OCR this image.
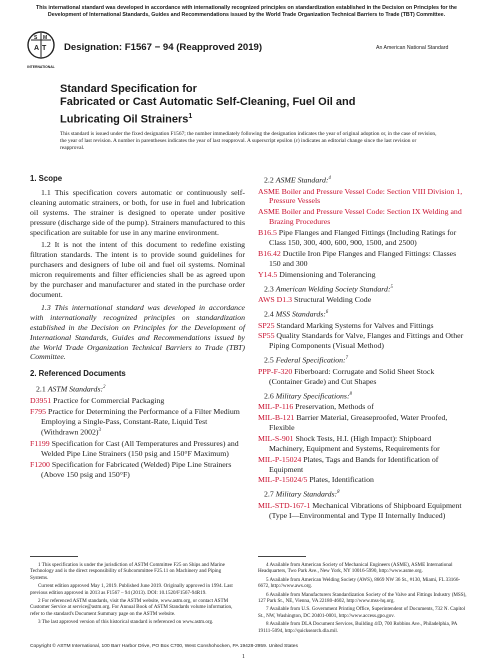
This international standard was developed in accordance with internationally recognized principles on standardization established in the Decision on Principles for the Development of International Standards, Guides and Recommendations issued by the World Trade Organization Technical Barriers to Trade (TBT) Committee.
A T
S M
INTERNATIONAL
Designation: F1567 − 94 (Reapproved 2019)	An American National Standard
Standard Specification for
Fabricated or Cast Automatic Self-Cleaning, Fuel Oil and
Lubricating Oil Strainers$^1$
This standard is issued under the fixed designation F1567; the number immediately following the designation indicates the year of original adoption or, in the case of revision, the year of last revision. A number in parentheses indicates the year of last reapproval. A superscript epsilon (ε) indicates an editorial change since the last revision or reapproval.
1. Scope

1.1 This specification covers automatic or continuously self-cleaning automatic strainers, or both, for use in fuel and lubrication oil systems. The strainer is designed to operate under positive pressure (discharge side of the pump). Strainers manufactured to this specification are suitable for use in any marine environment.

1.2 It is not the intent of this document to redefine existing filtration standards. The intent is to provide sound guidelines for purchasers and designers of lube oil and fuel oil systems. Nominal micron requirements and filter efficiencies shall be as agreed upon by the purchaser and manufacturer and stated in the purchase order document.

1.3 This international standard was developed in accordance with internationally recognized principles on standardization established in the Decision on Principles for the Development of International Standards, Guides and Recommendations issued by the World Trade Organization Technical Barriers to Trade (TBT) Committee.

2. Referenced Documents
2.1 ASTM Standards:$^2$
D3951 Practice for Commercial Packaging
F795 Practice for Determining the Performance of a Filter Medium Employing a Single-Pass, Constant-Rate, Liquid Test (Withdrawn 2002)$^3$
F1199 Specification for Cast (All Temperatures and Pressures) and Welded Pipe Line Strainers (150 psig and 150°F Maximum)
F1200 Specification for Fabricated (Welded) Pipe Line Strainers (Above 150 psig and 150°F)
2.2 ASME Standard:$^4$
ASME Boiler and Pressure Vessel Code: Section VIII Division 1, Pressure Vessels
ASME Boiler and Pressure Vessel Code: Section IX Welding and Brazing Procedures
B16.5 Pipe Flanges and Flanged Fittings (Including Ratings for Class 150, 300, 400, 600, 900, 1500, and 2500)
B16.42 Ductile Iron Pipe Flanges and Flanged Fittings: Classes 150 and 300
Y14.5 Dimensioning and Tolerancing
2.3 American Welding Society Standard:$^5$
AWS D1.3 Structural Welding Code
2.4 MSS Standards:$^6$
SP25 Standard Marking Systems for Valves and Fittings
SP55 Quality Standards for Valve, Flanges and Fittings and Other Piping Components (Visual Method)
2.5 Federal Specification:$^7$
PPP-F-320 Fiberboard: Corrugate and Solid Sheet Stock (Container Grade) and Cut Shapes
2.6 Military Specifications:$^8$
MIL-P-116 Preservation, Methods of
MIL-B-121 Barrier Material, Greaseproofed, Water Proofed, Flexible
MIL-S-901 Shock Tests, H.I. (High Impact): Shipboard Machinery, Equipment and Systems, Requirements for
MIL-P-15024 Plates, Tags and Bands for Identification of Equipment
MIL-P-15024/5 Plates, Identification
2.7 Military Standards:$^8$
MIL-STD-167-1 Mechanical Vibrations of Shipboard Equipment (Type I—Environmental and Type II Internally Induced)

1 This specification is under the jurisdiction of ASTM Committee F25 on Ships and Marine Technology and is the direct responsibility of Subcommittee F25.11 on Machinery and Piping Systems.

Current edition approved May 1, 2019. Published June 2019. Originally approved in 1994. Last previous edition approved in 2013 as F1567 – 94 (2013). DOI: 10.1520/F1567-94R19.

2 For referenced ASTM standards, visit the ASTM website, www.astm.org, or contact ASTM Customer Service at service@astm.org. For Annual Book of ASTM Standards volume information, refer to the standard's Document Summary page on the ASTM website.

3 The last approved version of this historical standard is referenced on www.astm.org.

4 Available from American Society of Mechanical Engineers (ASME), ASME International Headquarters, Two Park Ave., New York, NY 10016-5990, http://www.asme.org.

5 Available from American Welding Society (AWS), 8669 NW 36 St., #130, Miami, FL 33166-6672, http://www.aws.org.

6 Available from Manufacturers Standardization Society of the Valve and Fittings Industry (MSS), 127 Park St., NE, Vienna, VA 22180-4602, http://www.mss-hq.org.

7 Available from U.S. Government Printing Office, Superintendent of Documents, 732 N. Capitol St., NW, Washington, DC 20401-0001, http://www.access.gpo.gov.

8 Available from DLA Document Services, Building 4/D, 700 Robbins Ave., Philadelphia, PA 19111-5094, http://quicksearch.dla.mil.

Copyright © ASTM International, 100 Barr Harbor Drive, PO Box C700, West Conshohocken, PA 19428-2959. United States
1
